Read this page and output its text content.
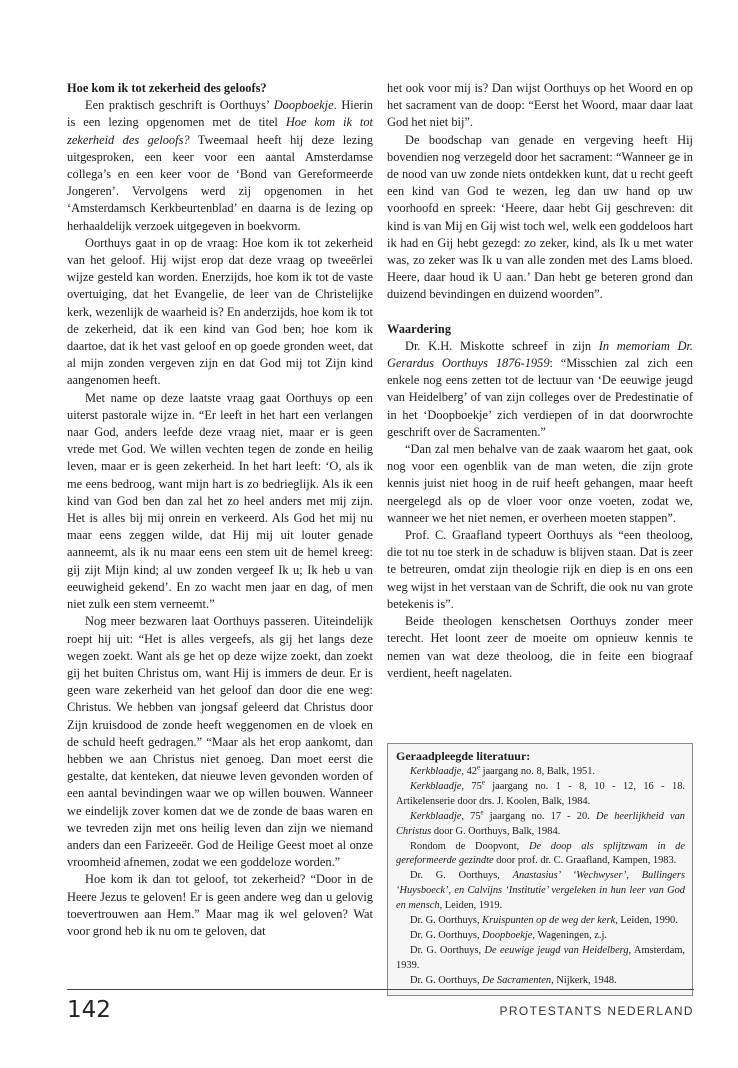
Hoe kom ik tot zekerheid des geloofs?

Een praktisch geschrift is Oorthuys’ Doopboekje. Hierin is een lezing opgenomen met de titel Hoe kom ik tot zekerheid des geloofs? Tweemaal heeft hij deze lezing uitgesproken, een keer voor een aantal Amsterdamse collega’s en een keer voor de ‘Bond van Gereformeerde Jongeren’. Vervolgens werd zij opgenomen in het ‘Amsterdamsch Kerkbeurtenblad’ en daarna is de lezing op herhaaldelijk verzoek uitgegeven in boekvorm.

Oorthuys gaat in op de vraag: Hoe kom ik tot zekerheid van het geloof. Hij wijst erop dat deze vraag op tweeërlei wijze gesteld kan worden. Enerzijds, hoe kom ik tot de vaste overtuiging, dat het Evangelie, de leer van de Christelijke kerk, wezenlijk de waarheid is? En anderzijds, hoe kom ik tot de zekerheid, dat ik een kind van God ben; hoe kom ik daartoe, dat ik het vast geloof en op goede gronden weet, dat al mijn zonden vergeven zijn en dat God mij tot Zijn kind aangenomen heeft.

Met name op deze laatste vraag gaat Oorthuys op een uiterst pastorale wijze in. “Er leeft in het hart een verlangen naar God, anders leefde deze vraag niet, maar er is geen vrede met God. We willen vechten tegen de zonde en heilig leven, maar er is geen zekerheid. In het hart leeft: ‘O, als ik me eens bedroog, want mijn hart is zo bedrieglijk. Als ik een kind van God ben dan zal het zo heel anders met mij zijn. Het is alles bij mij onrein en verkeerd. Als God het mij nu maar eens zeggen wilde, dat Hij mij uit louter genade aanneemt, als ik nu maar eens een stem uit de hemel kreeg: gij zijt Mijn kind; al uw zonden vergeef Ik u; Ik heb u van eeuwigheid gekend’. En zo wacht men jaar en dag, of men niet zulk een stem verneemt.”

Nog meer bezwaren laat Oorthuys passeren. Uiteindelijk roept hij uit: “Het is alles vergeefs, als gij het langs deze wegen zoekt. Want als ge het op deze wijze zoekt, dan zoekt gij het buiten Christus om, want Hij is immers de deur. Er is geen ware zekerheid van het geloof dan door die ene weg: Christus. We hebben van jongsaf geleerd dat Christus door Zijn kruisdood de zonde heeft weggenomen en de vloek en de schuld heeft gedragen.” “Maar als het erop aankomt, dan hebben we aan Christus niet genoeg. Dan moet eerst die gestalte, dat kenteken, dat nieuwe leven gevonden worden of een aantal bevindingen waar we op willen bouwen. Wanneer we eindelijk zover komen dat we de zonde de baas waren en we tevreden zijn met ons heilig leven dan zijn we niemand anders dan een Farizeeër. God de Heilige Geest moet al onze vroomheid afnemen, zodat we een goddeloze worden.”

Hoe kom ik dan tot geloof, tot zekerheid? “Door in de Heere Jezus te geloven! Er is geen andere weg dan u gelovig toevertrouwen aan Hem.” Maar mag ik wel geloven? Wat voor grond heb ik nu om te geloven, dat

het ook voor mij is? Dan wijst Oorthuys op het Woord en op het sacrament van de doop: “Eerst het Woord, maar daar laat God het niet bij”.

De boodschap van genade en vergeving heeft Hij bovendien nog verzegeld door het sacrament: “Wanneer ge in de nood van uw zonde niets ontdekken kunt, dat u recht geeft een kind van God te wezen, leg dan uw hand op uw voorhoofd en spreek: ‘Heere, daar hebt Gij geschreven: dit kind is van Mij en Gij wist toch wel, welk een goddeloos hart ik had en Gij hebt gezegd: zo zeker, kind, als Ik u met water was, zo zeker was Ik u van alle zonden met des Lams bloed. Heere, daar houd ik U aan.’ Dan hebt ge beteren grond dan duizend bevindingen en duizend woorden”.

Waardering

Dr. K.H. Miskotte schreef in zijn In memoriam Dr. Gerardus Oorthuys 1876-1959: “Misschien zal zich een enkele nog eens zetten tot de lectuur van ‘De eeuwige jeugd van Heidelberg’ of van zijn colleges over de Predestinatie of in het ‘Doopboekje’ zich verdiepen of in dat doorwrochte geschrift over de Sacramenten.”

“Dan zal men behalve van de zaak waarom het gaat, ook nog voor een ogenblik van de man weten, die zijn grote kennis juist niet hoog in de ruif heeft gehangen, maar heeft neergelegd als op de vloer voor onze voeten, zodat we, wanneer we het niet nemen, er overheen moeten stappen”.

Prof. C. Graafland typeert Oorthuys als “een theoloog, die tot nu toe sterk in de schaduw is blijven staan. Dat is zeer te betreuren, omdat zijn theologie rijk en diep is en ons een weg wijst in het verstaan van de Schrift, die ook nu van grote betekenis is”.

Beide theologen kenschetsen Oorthuys zonder meer terecht. Het loont zeer de moeite om opnieuw kennis te nemen van wat deze theoloog, die in feite een biograaf verdient, heeft nagelaten.

Geraadpleegde literatuur:

Kerkblaadje, 42e jaargang no. 8, Balk, 1951.

Kerkblaadje, 75e jaargang no. 1 - 8, 10 - 12, 16 - 18. Artikelenserie door drs. J. Koolen, Balk, 1984.

Kerkblaadje, 75e jaargang no. 17 - 20. De heerlijkheid van Christus door G. Oorthuys, Balk, 1984.

Rondom de Doopvont, De doop als splijtzwam in de gereformeerde gezindte door prof. dr. C. Graafland, Kampen, 1983.

Dr. G. Oorthuys, Anastasius’ ‘Wechwyser’, Bullingers ‘Huysboeck’, en Calvijns ‘Institutie’ vergeleken in hun leer van God en mensch, Leiden, 1919.

Dr. G. Oorthuys, Kruispunten op de weg der kerk, Leiden, 1990.

Dr. G. Oorthuys, Doopboekje, Wageningen, z.j.

Dr. G. Oorthuys, De eeuwige jeugd van Heidelberg, Amsterdam, 1939.

Dr. G. Oorthuys, De Sacramenten, Nijkerk, 1948.

142	PROTESTANTS NEDERLAND
